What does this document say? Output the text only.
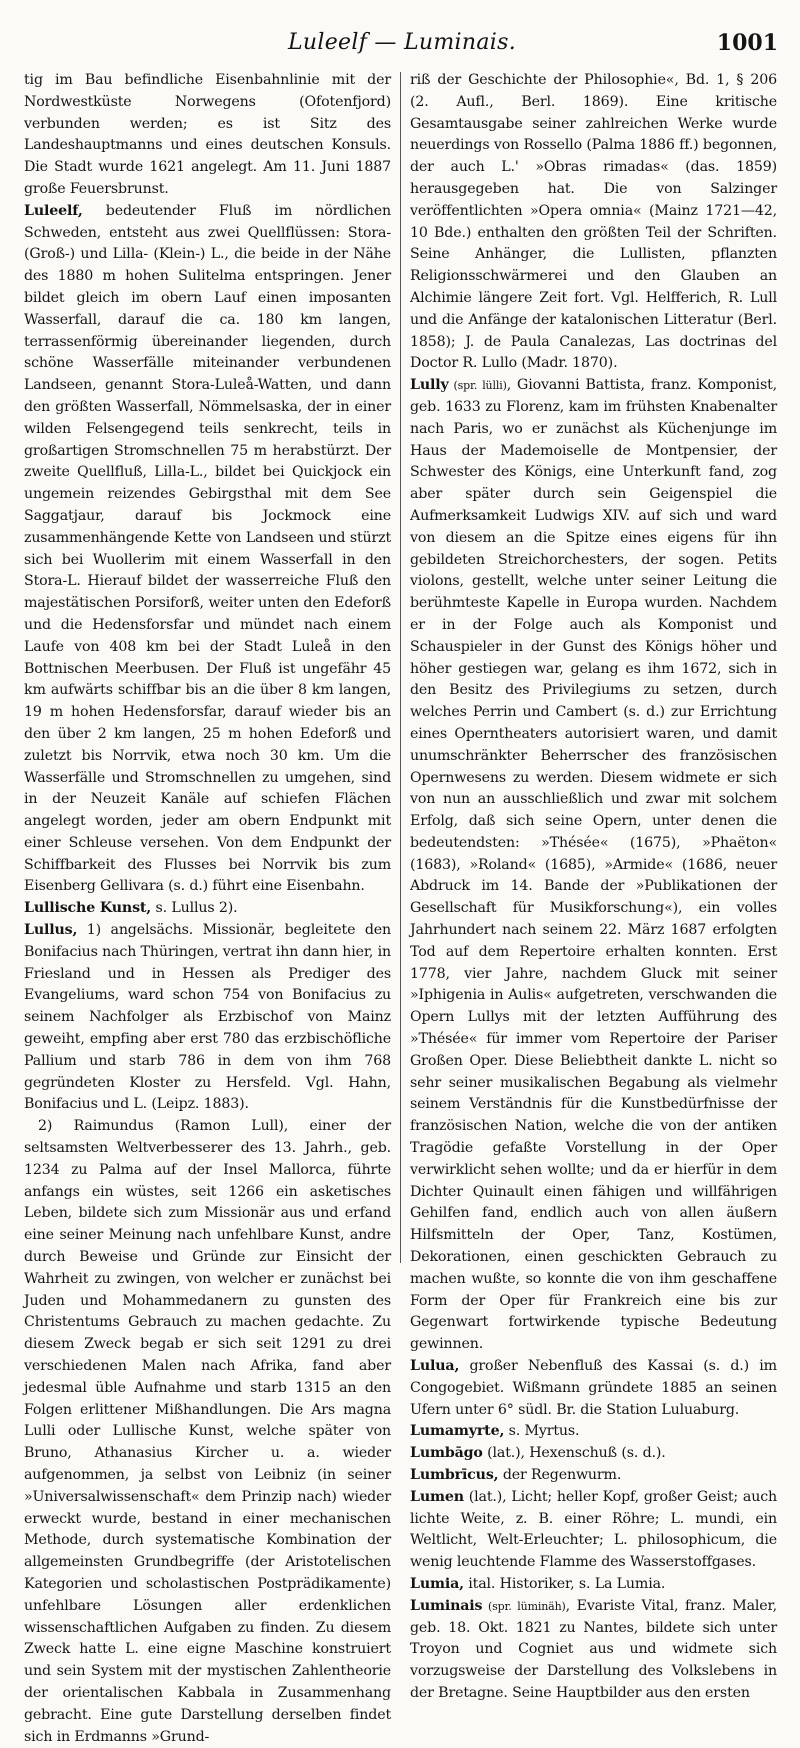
Luleelf — Luminais.	1001

tig im Bau befindliche Eisenbahnlinie mit der Nordwestküste Norwegens (Ofotenfjord) verbunden werden; es ist Sitz des Landeshauptmanns und eines deutschen Konsuls. Die Stadt wurde 1621 angelegt. Am 11. Juni 1887 große Feuersbrunst.

Luleelf, bedeutender Fluß im nördlichen Schweden, entsteht aus zwei Quellflüssen: Stora- (Groß-) und Lilla- (Klein-) L., die beide in der Nähe des 1880 m hohen Sulitelma entspringen. Jener bildet gleich im obern Lauf einen imposanten Wasserfall, darauf die ca. 180 km langen, terrassenförmig übereinander liegenden, durch schöne Wasserfälle miteinander verbundenen Landseen, genannt Stora-Luleå-Watten, und dann den größten Wasserfall, Nömmelsaska, der in einer wilden Felsengegend teils senkrecht, teils in großartigen Stromschnellen 75 m herabstürzt. Der zweite Quellfluß, Lilla-L., bildet bei Quickjock ein ungemein reizendes Gebirgsthal mit dem See Saggatjaur, darauf bis Jockmock eine zusammenhängende Kette von Landseen und stürzt sich bei Wuollerim mit einem Wasserfall in den Stora-L. Hierauf bildet der wasserreiche Fluß den majestätischen Porsiforß, weiter unten den Edeforß und die Hedensforsfar und mündet nach einem Laufe von 408 km bei der Stadt Luleå in den Bottnischen Meerbusen. Der Fluß ist ungefähr 45 km aufwärts schiffbar bis an die über 8 km langen, 19 m hohen Hedensforsfar, darauf wieder bis an den über 2 km langen, 25 m hohen Edeforß und zuletzt bis Norrvik, etwa noch 30 km. Um die Wasserfälle und Stromschnellen zu umgehen, sind in der Neuzeit Kanäle auf schiefen Flächen angelegt worden, jeder am obern Endpunkt mit einer Schleuse versehen. Von dem Endpunkt der Schiffbarkeit des Flusses bei Norrvik bis zum Eisenberg Gellivara (s. d.) führt eine Eisenbahn.

Lullische Kunst, s. Lullus 2).

Lullus, 1) angelsächs. Missionär, begleitete den Bonifacius nach Thüringen, vertrat ihn dann hier, in Friesland und in Hessen als Prediger des Evangeliums, ward schon 754 von Bonifacius zu seinem Nachfolger als Erzbischof von Mainz geweiht, empfing aber erst 780 das erzbischöfliche Pallium und starb 786 in dem von ihm 768 gegründeten Kloster zu Hersfeld. Vgl. Hahn, Bonifacius und L. (Leipz. 1883).

2) Raimundus (Ramon Lull), einer der seltsamsten Weltverbesserer des 13. Jahrh., geb. 1234 zu Palma auf der Insel Mallorca, führte anfangs ein wüstes, seit 1266 ein asketisches Leben, bildete sich zum Missionär aus und erfand eine seiner Meinung nach unfehlbare Kunst, andre durch Beweise und Gründe zur Einsicht der Wahrheit zu zwingen, von welcher er zunächst bei Juden und Mohammedanern zu gunsten des Christentums Gebrauch zu machen gedachte. Zu diesem Zweck begab er sich seit 1291 zu drei verschiedenen Malen nach Afrika, fand aber jedesmal üble Aufnahme und starb 1315 an den Folgen erlittener Mißhandlungen. Die Ars magna Lulli oder Lullische Kunst, welche später von Bruno, Athanasius Kircher u. a. wieder aufgenommen, ja selbst von Leibniz (in seiner »Universalwissenschaft« dem Prinzip nach) wieder erweckt wurde, bestand in einer mechanischen Methode, durch systematische Kombination der allgemeinsten Grundbegriffe (der Aristotelischen Kategorien und scholastischen Postprädikamente) unfehlbare Lösungen aller erdenklichen wissenschaftlichen Aufgaben zu finden. Zu diesem Zweck hatte L. eine eigne Maschine konstruiert und sein System mit der mystischen Zahlentheorie der orientalischen Kabbala in Zusammenhang gebracht. Eine gute Darstellung derselben findet sich in Erdmanns »Grund-

riß der Geschichte der Philosophie«, Bd. 1, § 206 (2. Aufl., Berl. 1869). Eine kritische Gesamtausgabe seiner zahlreichen Werke wurde neuerdings von Rossello (Palma 1886 ff.) begonnen, der auch L.' »Obras rimadas« (das. 1859) herausgegeben hat. Die von Salzinger veröffentlichten »Opera omnia« (Mainz 1721—42, 10 Bde.) enthalten den größten Teil der Schriften. Seine Anhänger, die Lullisten, pflanzten Religionsschwärmerei und den Glauben an Alchimie längere Zeit fort. Vgl. Helfferich, R. Lull und die Anfänge der katalonischen Litteratur (Berl. 1858); J. de Paula Canalezas, Las doctrinas del Doctor R. Lullo (Madr. 1870).

Lully (spr. lülli), Giovanni Battista, franz. Komponist, geb. 1633 zu Florenz, kam im frühsten Knabenalter nach Paris, wo er zunächst als Küchenjunge im Haus der Mademoiselle de Montpensier, der Schwester des Königs, eine Unterkunft fand, zog aber später durch sein Geigenspiel die Aufmerksamkeit Ludwigs XIV. auf sich und ward von diesem an die Spitze eines eigens für ihn gebildeten Streichorchesters, der sogen. Petits violons, gestellt, welche unter seiner Leitung die berühmteste Kapelle in Europa wurden. Nachdem er in der Folge auch als Komponist und Schauspieler in der Gunst des Königs höher und höher gestiegen war, gelang es ihm 1672, sich in den Besitz des Privilegiums zu setzen, durch welches Perrin und Cambert (s. d.) zur Errichtung eines Operntheaters autorisiert waren, und damit unumschränkter Beherrscher des französischen Opernwesens zu werden. Diesem widmete er sich von nun an ausschließlich und zwar mit solchem Erfolg, daß sich seine Opern, unter denen die bedeutendsten: »Thésée« (1675), »Phaëton« (1683), »Roland« (1685), »Armide« (1686, neuer Abdruck im 14. Bande der »Publikationen der Gesellschaft für Musikforschung«), ein volles Jahrhundert nach seinem 22. März 1687 erfolgten Tod auf dem Repertoire erhalten konnten. Erst 1778, vier Jahre, nachdem Gluck mit seiner »Iphigenia in Aulis« aufgetreten, verschwanden die Opern Lullys mit der letzten Aufführung des »Thésée« für immer vom Repertoire der Pariser Großen Oper. Diese Beliebtheit dankte L. nicht so sehr seiner musikalischen Begabung als vielmehr seinem Verständnis für die Kunstbedürfnisse der französischen Nation, welche die von der antiken Tragödie gefaßte Vorstellung in der Oper verwirklicht sehen wollte; und da er hierfür in dem Dichter Quinault einen fähigen und willfährigen Gehilfen fand, endlich auch von allen äußern Hilfsmitteln der Oper, Tanz, Kostümen, Dekorationen, einen geschickten Gebrauch zu machen wußte, so konnte die von ihm geschaffene Form der Oper für Frankreich eine bis zur Gegenwart fortwirkende typische Bedeutung gewinnen.

Lulua, großer Nebenfluß des Kassai (s. d.) im Congogebiet. Wißmann gründete 1885 an seinen Ufern unter 6° südl. Br. die Station Luluaburg.

Lumamyrte, s. Myrtus.

Lumbāgo (lat.), Hexenschuß (s. d.).

Lumbrīcus, der Regenwurm.

Lumen (lat.), Licht; heller Kopf, großer Geist; auch lichte Weite, z. B. einer Röhre; L. mundi, ein Weltlicht, Welt-Erleuchter; L. philosophicum, die wenig leuchtende Flamme des Wasserstoffgases.

Lumia, ital. Historiker, s. La Lumia.

Luminais (spr. lüminäh), Evariste Vital, franz. Maler, geb. 18. Okt. 1821 zu Nantes, bildete sich unter Troyon und Cogniet aus und widmete sich vorzugsweise der Darstellung des Volkslebens in der Bretagne. Seine Hauptbilder aus den ersten
